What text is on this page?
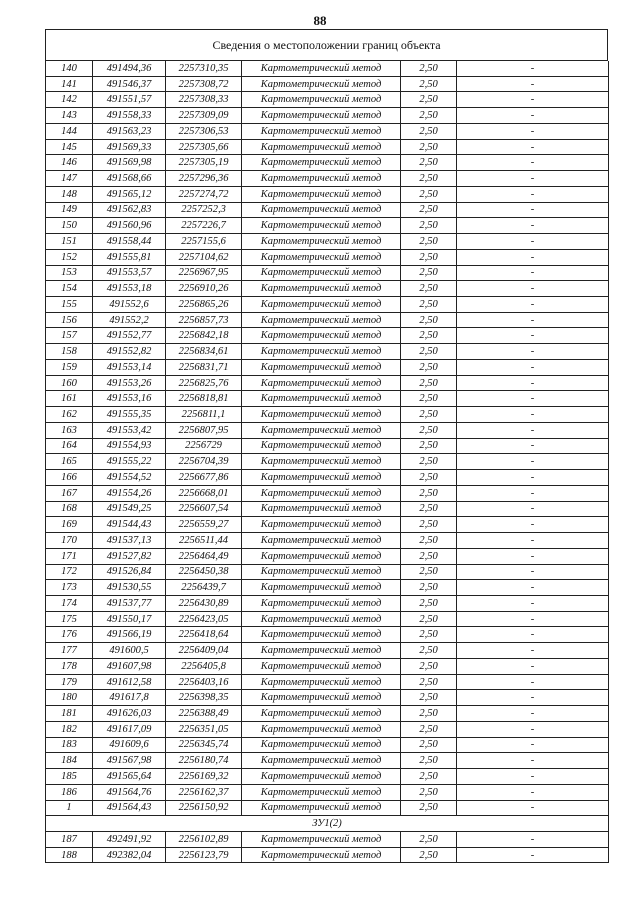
88
Сведения о местоположении границ объекта
140	491494,36	2257310,35	Картометрический метод	2,50	-
141	491546,37	2257308,72	Картометрический метод	2,50	-
142	491551,57	2257308,33	Картометрический метод	2,50	-
143	491558,33	2257309,09	Картометрический метод	2,50	-
144	491563,23	2257306,53	Картометрический метод	2,50	-
145	491569,33	2257305,66	Картометрический метод	2,50	-
146	491569,98	2257305,19	Картометрический метод	2,50	-
147	491568,66	2257296,36	Картометрический метод	2,50	-
148	491565,12	2257274,72	Картометрический метод	2,50	-
149	491562,83	2257252,3	Картометрический метод	2,50	-
150	491560,96	2257226,7	Картометрический метод	2,50	-
151	491558,44	2257155,6	Картометрический метод	2,50	-
152	491555,81	2257104,62	Картометрический метод	2,50	-
153	491553,57	2256967,95	Картометрический метод	2,50	-
154	491553,18	2256910,26	Картометрический метод	2,50	-
155	491552,6	2256865,26	Картометрический метод	2,50	-
156	491552,2	2256857,73	Картометрический метод	2,50	-
157	491552,77	2256842,18	Картометрический метод	2,50	-
158	491552,82	2256834,61	Картометрический метод	2,50	-
159	491553,14	2256831,71	Картометрический метод	2,50	-
160	491553,26	2256825,76	Картометрический метод	2,50	-
161	491553,16	2256818,81	Картометрический метод	2,50	-
162	491555,35	2256811,1	Картометрический метод	2,50	-
163	491553,42	2256807,95	Картометрический метод	2,50	-
164	491554,93	2256729	Картометрический метод	2,50	-
165	491555,22	2256704,39	Картометрический метод	2,50	-
166	491554,52	2256677,86	Картометрический метод	2,50	-
167	491554,26	2256668,01	Картометрический метод	2,50	-
168	491549,25	2256607,54	Картометрический метод	2,50	-
169	491544,43	2256559,27	Картометрический метод	2,50	-
170	491537,13	2256511,44	Картометрический метод	2,50	-
171	491527,82	2256464,49	Картометрический метод	2,50	-
172	491526,84	2256450,38	Картометрический метод	2,50	-
173	491530,55	2256439,7	Картометрический метод	2,50	-
174	491537,77	2256430,89	Картометрический метод	2,50	-
175	491550,17	2256423,05	Картометрический метод	2,50	-
176	491566,19	2256418,64	Картометрический метод	2,50	-
177	491600,5	2256409,04	Картометрический метод	2,50	-
178	491607,98	2256405,8	Картометрический метод	2,50	-
179	491612,58	2256403,16	Картометрический метод	2,50	-
180	491617,8	2256398,35	Картометрический метод	2,50	-
181	491626,03	2256388,49	Картометрический метод	2,50	-
182	491617,09	2256351,05	Картометрический метод	2,50	-
183	491609,6	2256345,74	Картометрический метод	2,50	-
184	491567,98	2256180,74	Картометрический метод	2,50	-
185	491565,64	2256169,32	Картометрический метод	2,50	-
186	491564,76	2256162,37	Картометрический метод	2,50	-
1	491564,43	2256150,92	Картометрический метод	2,50	-
ЗУ1(2)					
187	492491,92	2256102,89	Картометрический метод	2,50	-
188	492382,04	2256123,79	Картометрический метод	2,50	-
